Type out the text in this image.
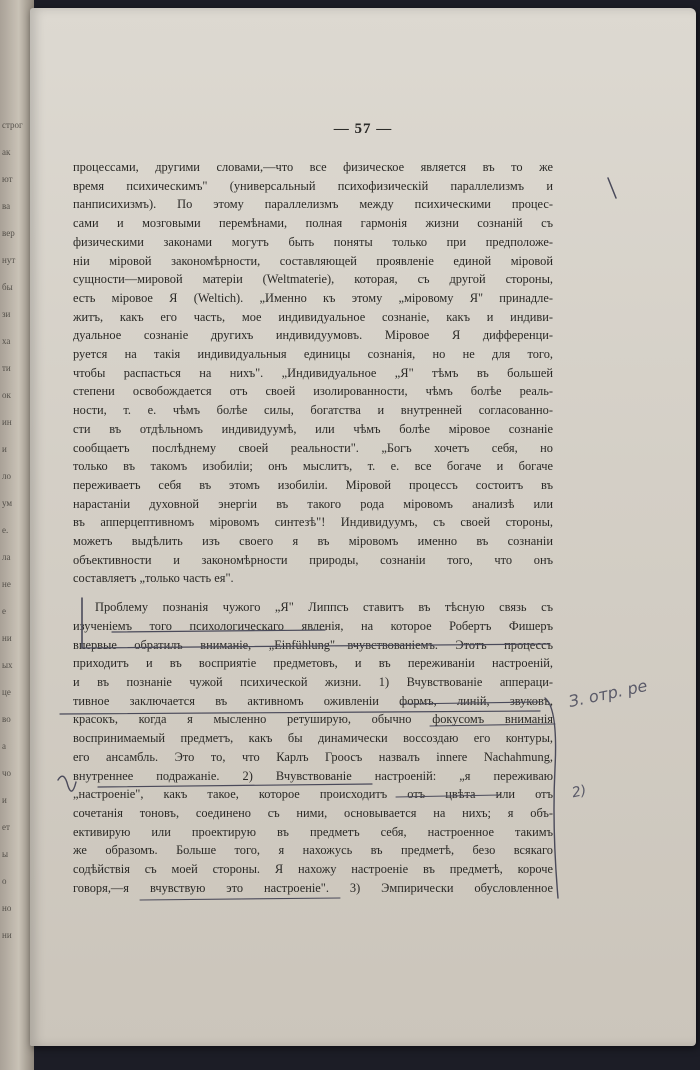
строг
ак
ют
ва
вер
нут
бы
зи
ха
ти
ок
ин
и
ло
ум
е.
ла
не
е
ни
ых
це
во
а
чо
и
ет
ы
о
но
ни
— 57 —
процессами, другими словами,—что все физическое является въ то же
время психическимъ" (универсальный психофизическій параллелизмъ и
панписихизмъ). По этому параллелизмъ между психическими процес-
сами и мозговыми перемѣнами, полная гармонія жизни сознаній съ
физическими законами могутъ быть поняты только при предположе-
ніи міровой закономѣрности, составляющей проявленіе единой міровой
сущности—мировой матеріи (Weltmaterie), которая, съ другой стороны,
есть мiровое Я (Weltich). „Именно къ этому „міровому Я" принадле-
житъ, какъ его часть, мое индивидуальное сознаніе, какъ и индиви-
дуальное сознаніе другихъ индивидуумовъ. Міровое Я дифференци-
руется на такія индивидуальныя единицы сознанія, но не для того,
чтобы распасться на нихъ". „Индивидуальное „Я" тѣмъ въ большей
степени освобождается отъ своей изолированности, чѣмъ болѣе реаль-
ности, т. е. чѣмъ болѣе силы, богатства и внутренней согласованно-
сти въ отдѣльномъ индивидуумѣ, или чѣмъ болѣе міровое сознаніе
сообщаетъ послѣднему своей реальности". „Богъ хочетъ себя, но
только въ такомъ изобиліи; онъ мыслитъ, т. е. все богаче и богаче
переживаетъ себя въ этомъ изобиліи. Міровой процессъ состоитъ въ
нарастаніи духовной энергіи въ такого рода міровомъ анализѣ или
въ апперцептивномъ міровомъ синтезѣ"! Индивидуумъ, съ своей стороны,
можетъ выдѣлить изъ своего я въ міровомъ именно въ сознаніи
объективности и закономѣрности природы, сознаніи того, что онъ
составляетъ „только часть ея".
Проблему познанія чужого „Я" Липпсъ ставитъ въ тѣсную связь съ
изученіемъ того психологическаго явленія, на которое Робертъ Фишеръ
впервые обратилъ вниманіе, „Einfühlung"—вчувствованіемъ. Этотъ процессъ
приходитъ и въ восприятіе предметовъ, и въ переживаніи настроеній,
и въ познаніе чужой психической жизни. 1) Вчувствованіе аппераци-
тивное заключается въ активномъ оживленіи формъ, линій, звуковъ,
красокъ, когда я мысленно ретуширую, обычно фокусомъ вниманія
воспринимаемый предметъ, какъ бы динамически воссоздаю его контуры,
его ансамбль. Это то, что Карлъ Гроосъ назвалъ innere Nachahmung,
внутреннее подражаніе. 2) Вчувствованіе настроеній: „я переживаю
„настроеніе", какъ такое, которое происходитъ отъ цвѣта или отъ
сочетанія тоновъ, соединено съ ними, основывается на нихъ; я объ-
ективирую или проектирую въ предметъ себя, настроенное такимъ
же образомъ. Больше того, я нахожусь въ предметѣ, безо всякаго
содѣйствія съ моей стороны. Я нахожу настроеніе въ предметѣ, короче
говоря,—я вчувствую это настроеніе". 3) Эмпирически обусловленное
З. отр. ре
2)
